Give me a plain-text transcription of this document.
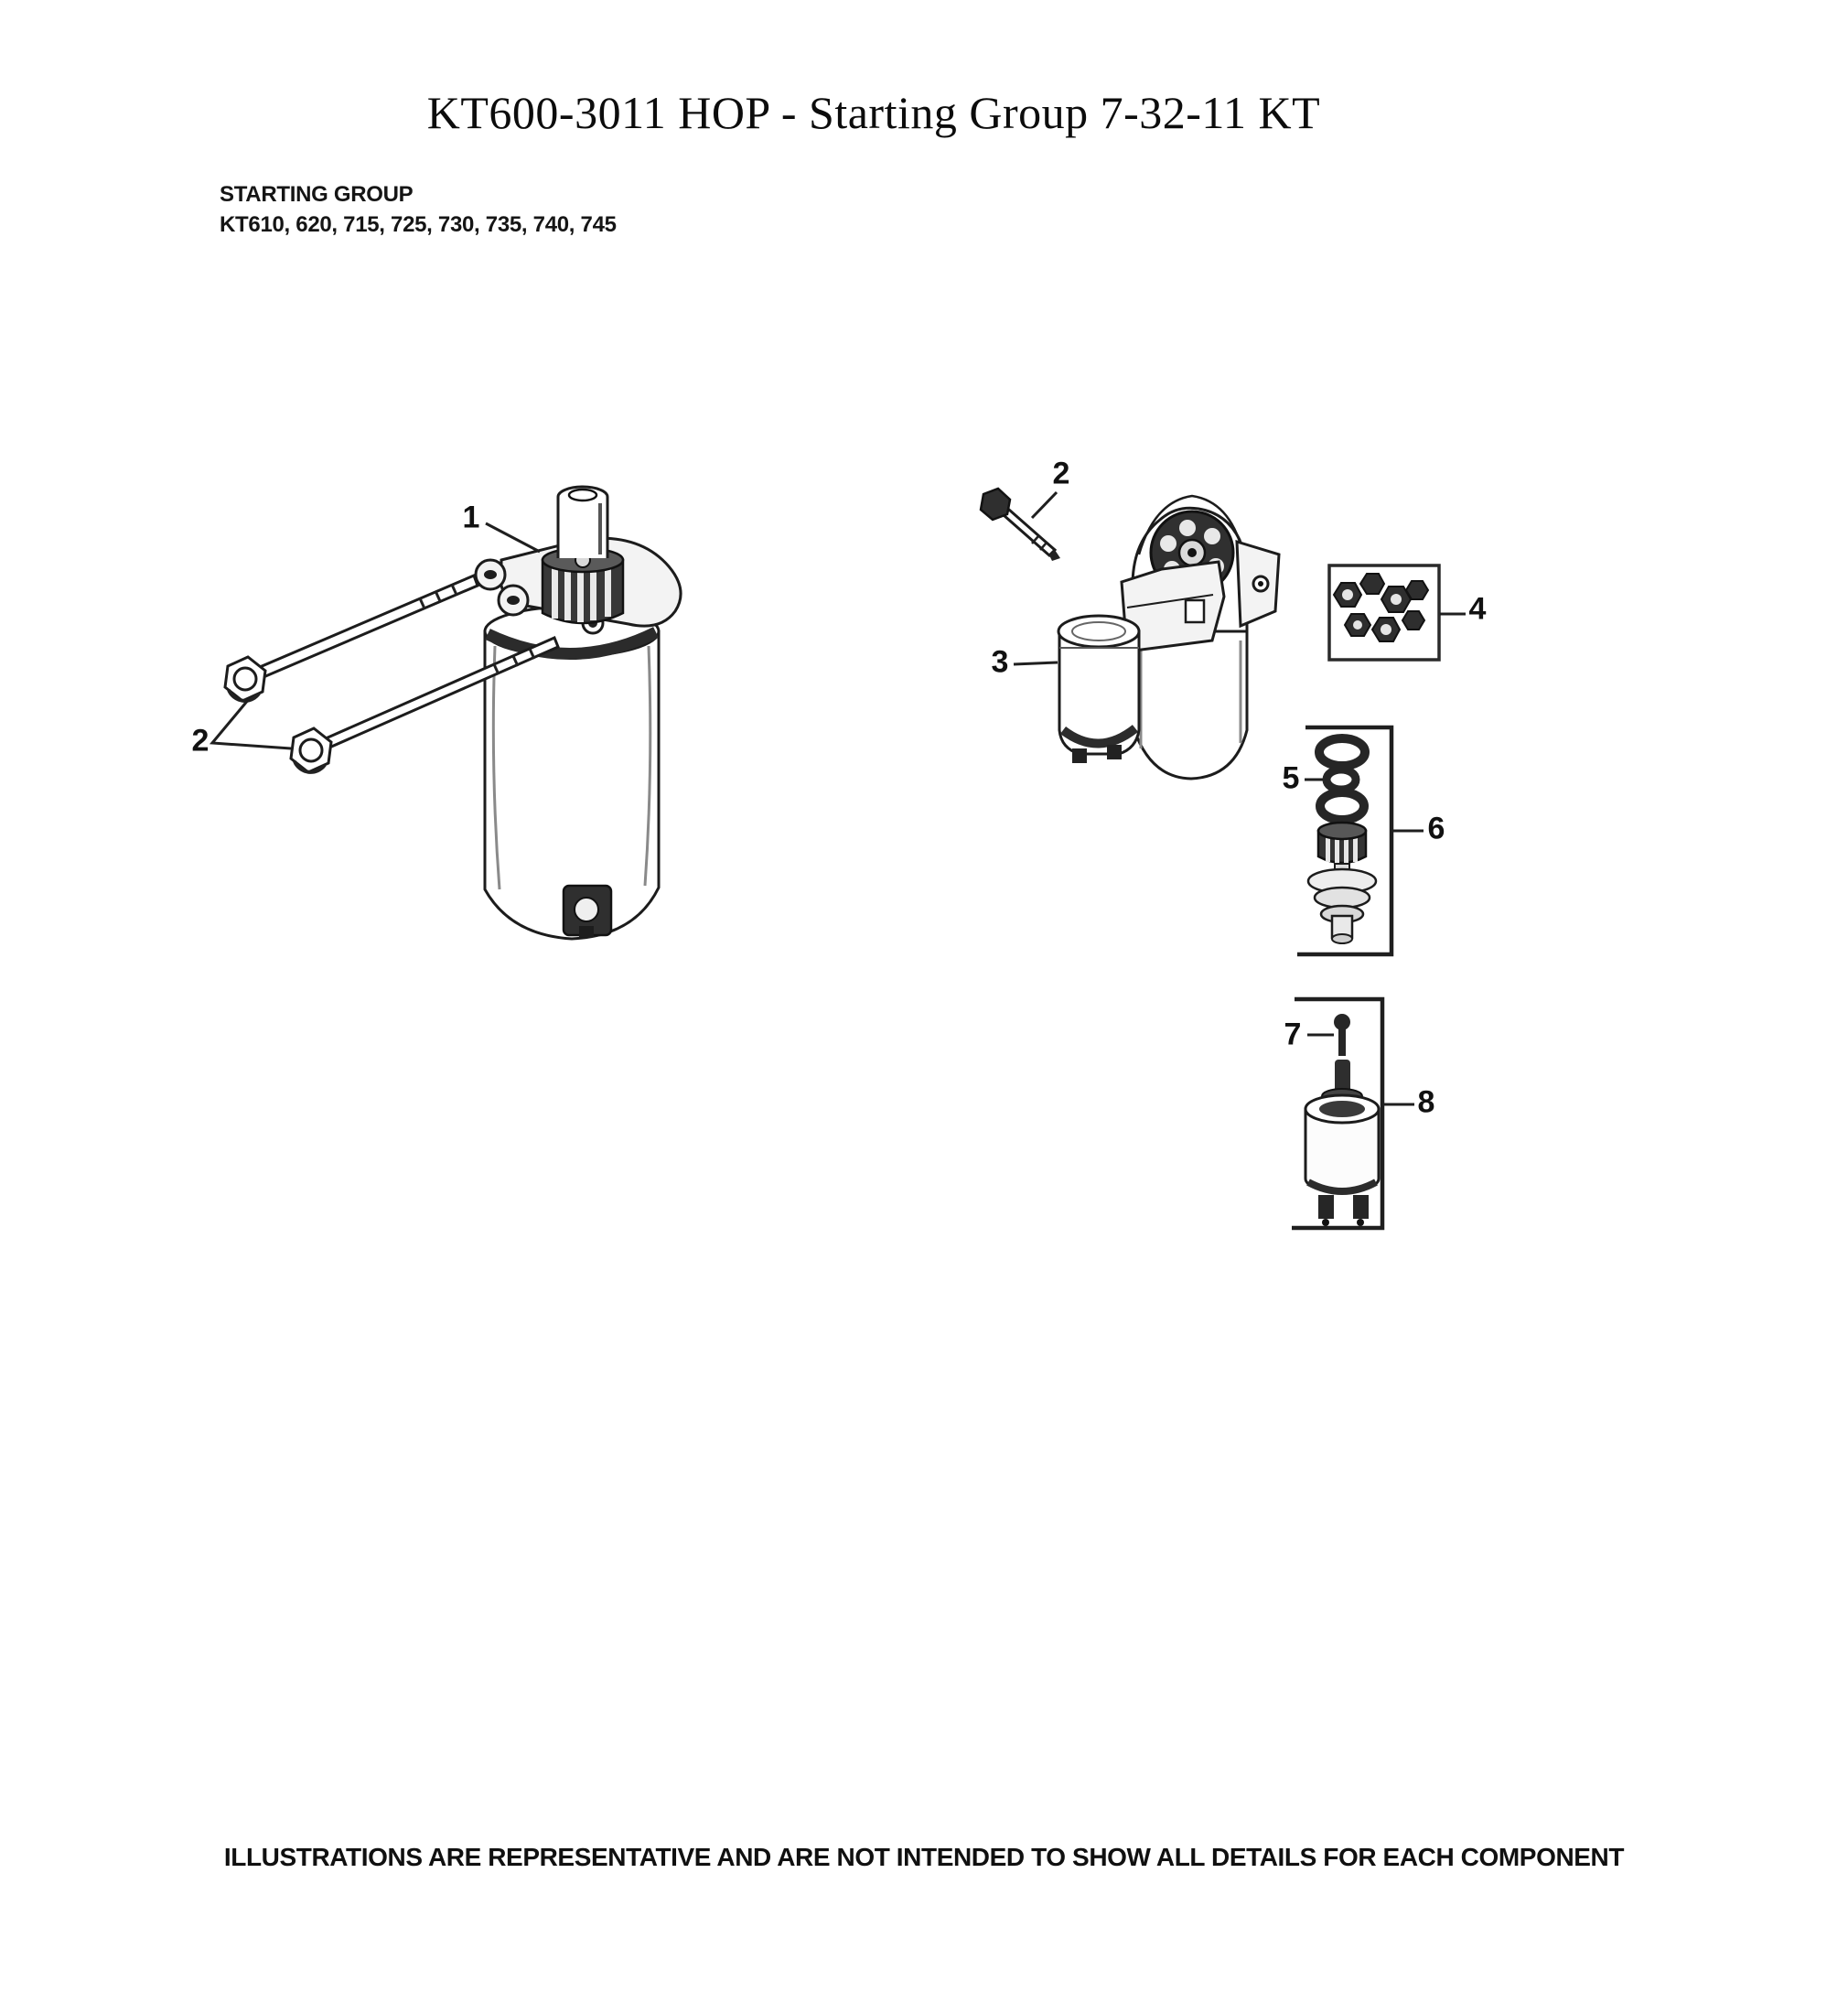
KT600-3011 HOP - Starting Group 7-32-11 KT
STARTING GROUP
KT610, 620, 715, 725, 730, 735, 740, 745
1
2
2
3
4
5
6
7
8
ILLUSTRATIONS ARE REPRESENTATIVE AND ARE NOT INTENDED TO SHOW ALL DETAILS FOR EACH COMPONENT
